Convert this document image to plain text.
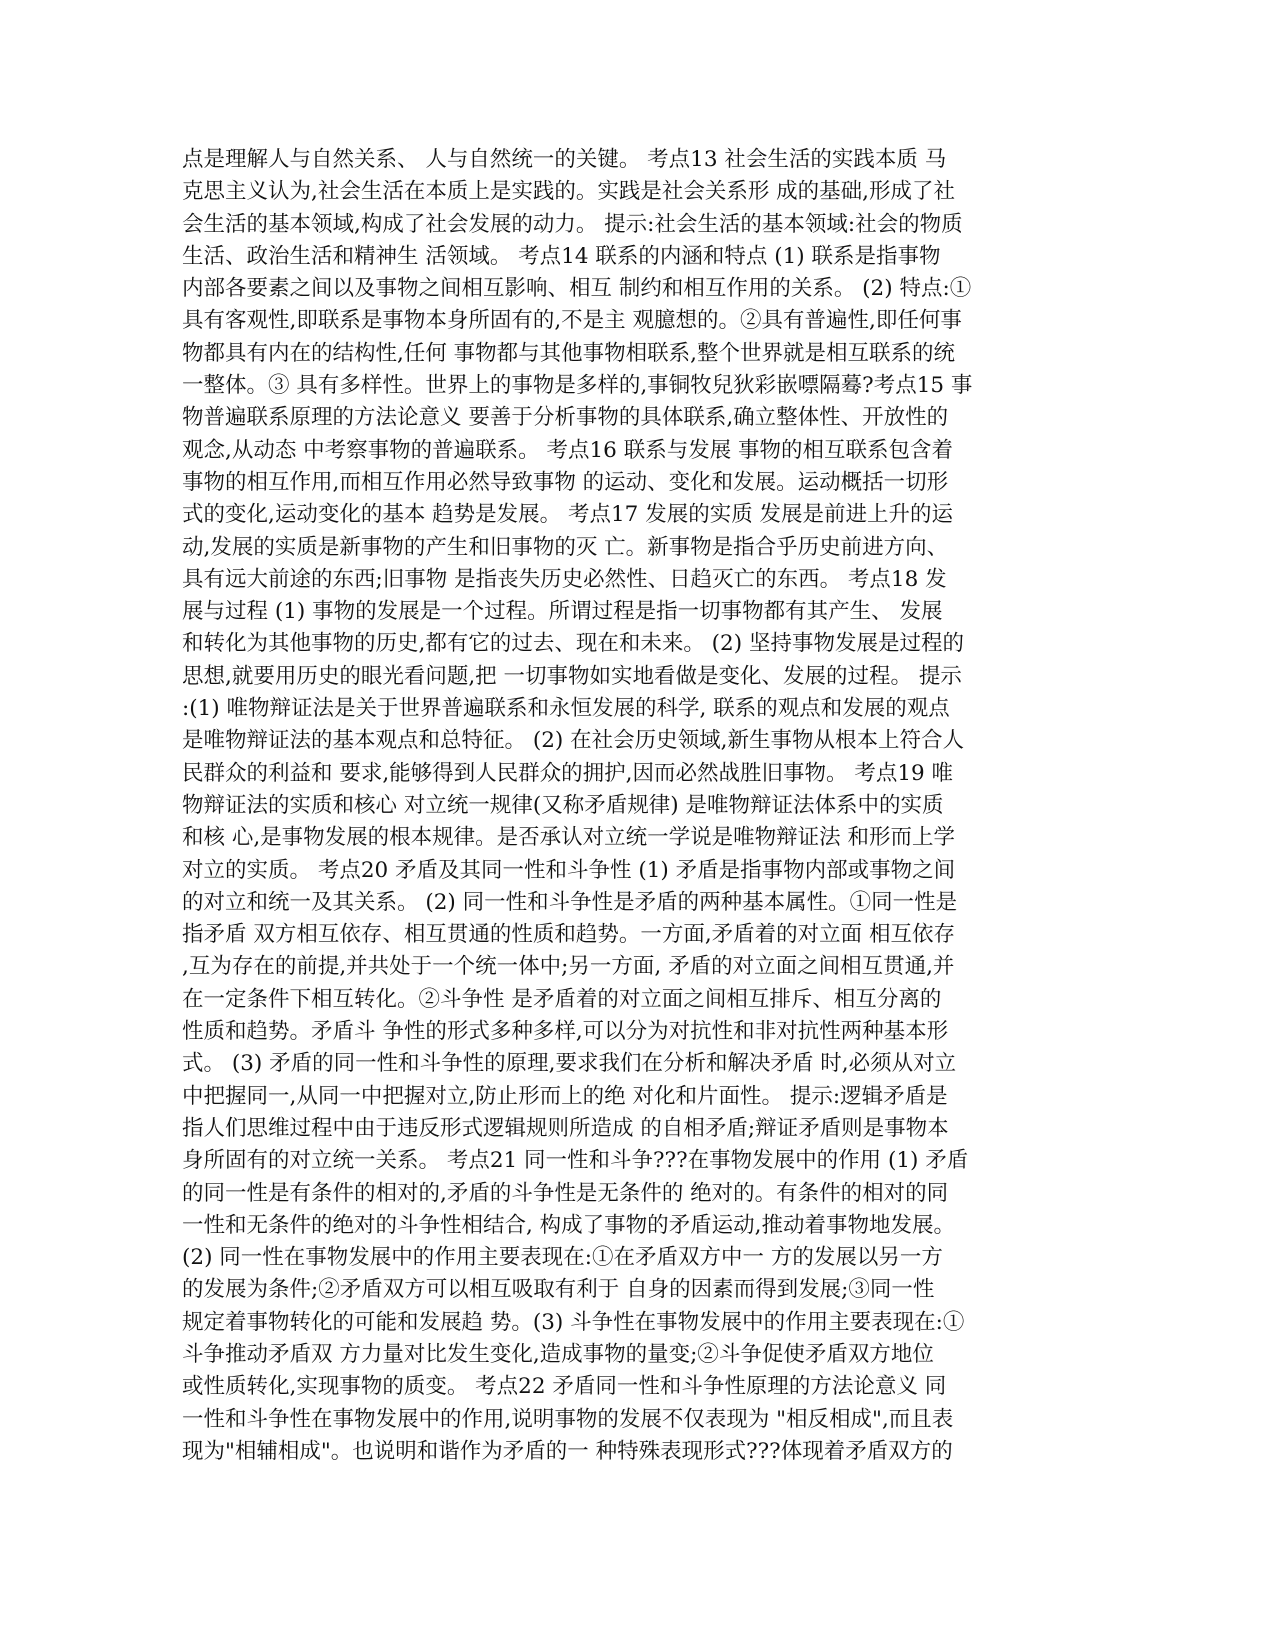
点是理解人与自然关系、 人与自然统一的关键。 考点13 社会生活的实践本质 马
克思主义认为,社会生活在本质上是实践的。实践是社会关系形 成的基础,形成了社
会生活的基本领域,构成了社会发展的动力。 提示:社会生活的基本领域:社会的物质
生活、政治生活和精神生 活领域。 考点14 联系的内涵和特点 (1) 联系是指事物
内部各要素之间以及事物之间相互影响、相互 制约和相互作用的关系。 (2) 特点:①
具有客观性,即联系是事物本身所固有的,不是主 观臆想的。②具有普遍性,即任何事
物都具有内在的结构性,任何 事物都与其他事物相联系,整个世界就是相互联系的统
一整体。③ 具有多样性。世界上的事物是多样的,事铜牧兒狄彩嵌嘌隔蓦?考点15 事
物普遍联系原理的方法论意义 要善于分析事物的具体联系,确立整体性、开放性的
观念,从动态 中考察事物的普遍联系。 考点16 联系与发展 事物的相互联系包含着
事物的相互作用,而相互作用必然导致事物 的运动、变化和发展。运动概括一切形
式的变化,运动变化的基本 趋势是发展。 考点17 发展的实质 发展是前进上升的运
动,发展的实质是新事物的产生和旧事物的灭 亡。新事物是指合乎历史前进方向、
具有远大前途的东西;旧事物 是指丧失历史必然性、日趋灭亡的东西。 考点18 发
展与过程 (1) 事物的发展是一个过程。所谓过程是指一切事物都有其产生、 发展
和转化为其他事物的历史,都有它的过去、现在和未来。 (2) 坚持事物发展是过程的
思想,就要用历史的眼光看问题,把 一切事物如实地看做是变化、发展的过程。 提示
:(1) 唯物辩证法是关于世界普遍联系和永恒发展的科学, 联系的观点和发展的观点
是唯物辩证法的基本观点和总特征。 (2) 在社会历史领域,新生事物从根本上符合人
民群众的利益和 要求,能够得到人民群众的拥护,因而必然战胜旧事物。 考点19 唯
物辩证法的实质和核心 对立统一规律(又称矛盾规律) 是唯物辩证法体系中的实质
和核 心,是事物发展的根本规律。是否承认对立统一学说是唯物辩证法 和形而上学
对立的实质。 考点20 矛盾及其同一性和斗争性 (1) 矛盾是指事物内部或事物之间
的对立和统一及其关系。 (2) 同一性和斗争性是矛盾的两种基本属性。①同一性是
指矛盾 双方相互依存、相互贯通的性质和趋势。一方面,矛盾着的对立面 相互依存
,互为存在的前提,并共处于一个统一体中;另一方面, 矛盾的对立面之间相互贯通,并
在一定条件下相互转化。②斗争性 是矛盾着的对立面之间相互排斥、相互分离的
性质和趋势。矛盾斗 争性的形式多种多样,可以分为对抗性和非对抗性两种基本形
式。 (3) 矛盾的同一性和斗争性的原理,要求我们在分析和解决矛盾 时,必须从对立
中把握同一,从同一中把握对立,防止形而上的绝 对化和片面性。 提示:逻辑矛盾是
指人们思维过程中由于违反形式逻辑规则所造成 的自相矛盾;辩证矛盾则是事物本
身所固有的对立统一关系。 考点21 同一性和斗争???在事物发展中的作用 (1) 矛盾
的同一性是有条件的相对的,矛盾的斗争性是无条件的 绝对的。有条件的相对的同
一性和无条件的绝对的斗争性相结合, 构成了事物的矛盾运动,推动着事物地发展。
(2) 同一性在事物发展中的作用主要表现在:①在矛盾双方中一 方的发展以另一方
的发展为条件;②矛盾双方可以相互吸取有利于 自身的因素而得到发展;③同一性
规定着事物转化的可能和发展趋 势。(3) 斗争性在事物发展中的作用主要表现在:①
斗争推动矛盾双 方力量对比发生变化,造成事物的量变;②斗争促使矛盾双方地位
或性质转化,实现事物的质变。 考点22 矛盾同一性和斗争性原理的方法论意义 同
一性和斗争性在事物发展中的作用,说明事物的发展不仅表现为 "相反相成",而且表
现为"相辅相成"。也说明和谐作为矛盾的一 种特殊表现形式???体现着矛盾双方的
